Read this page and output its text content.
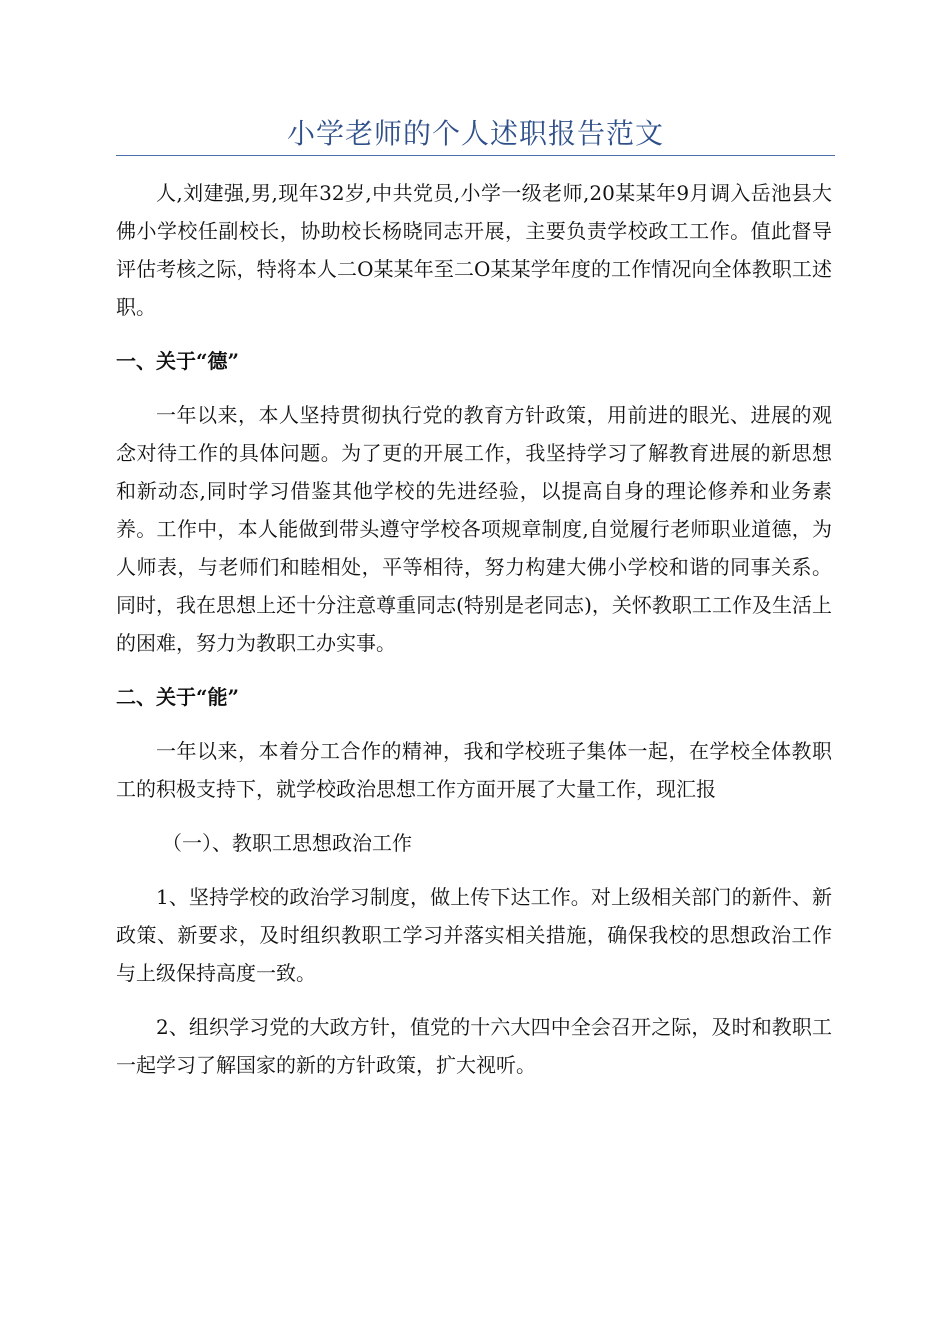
小学老师的个人述职报告范文

人,刘建强,男,现年32岁,中共党员,小学一级老师,20某某年9月调入岳池县大佛小学校任副校长，协助校长杨晓同志开展，主要负责学校政工工作。值此督导评估考核之际，特将本人二O某某年至二O某某学年度的工作情况向全体教职工述职。

一、关于“德”

一年以来，本人坚持贯彻执行党的教育方针政策，用前进的眼光、进展的观念对待工作的具体问题。为了更的开展工作，我坚持学习了解教育进展的新思想和新动态,同时学习借鉴其他学校的先进经验，以提高自身的理论修养和业务素养。工作中，本人能做到带头遵守学校各项规章制度,自觉履行老师职业道德，为人师表，与老师们和睦相处，平等相待，努力构建大佛小学校和谐的同事关系。同时，我在思想上还十分注意尊重同志(特别是老同志)，关怀教职工工作及生活上的困难，努力为教职工办实事。

二、关于“能”

一年以来，本着分工合作的精神，我和学校班子集体一起，在学校全体教职工的积极支持下，就学校政治思想工作方面开展了大量工作，现汇报

（一）、教职工思想政治工作

1、坚持学校的政治学习制度，做上传下达工作。对上级相关部门的新件、新政策、新要求，及时组织教职工学习并落实相关措施，确保我校的思想政治工作与上级保持高度一致。

2、组织学习党的大政方针，值党的十六大四中全会召开之际，及时和教职工一起学习了解国家的新的方针政策，扩大视听。
